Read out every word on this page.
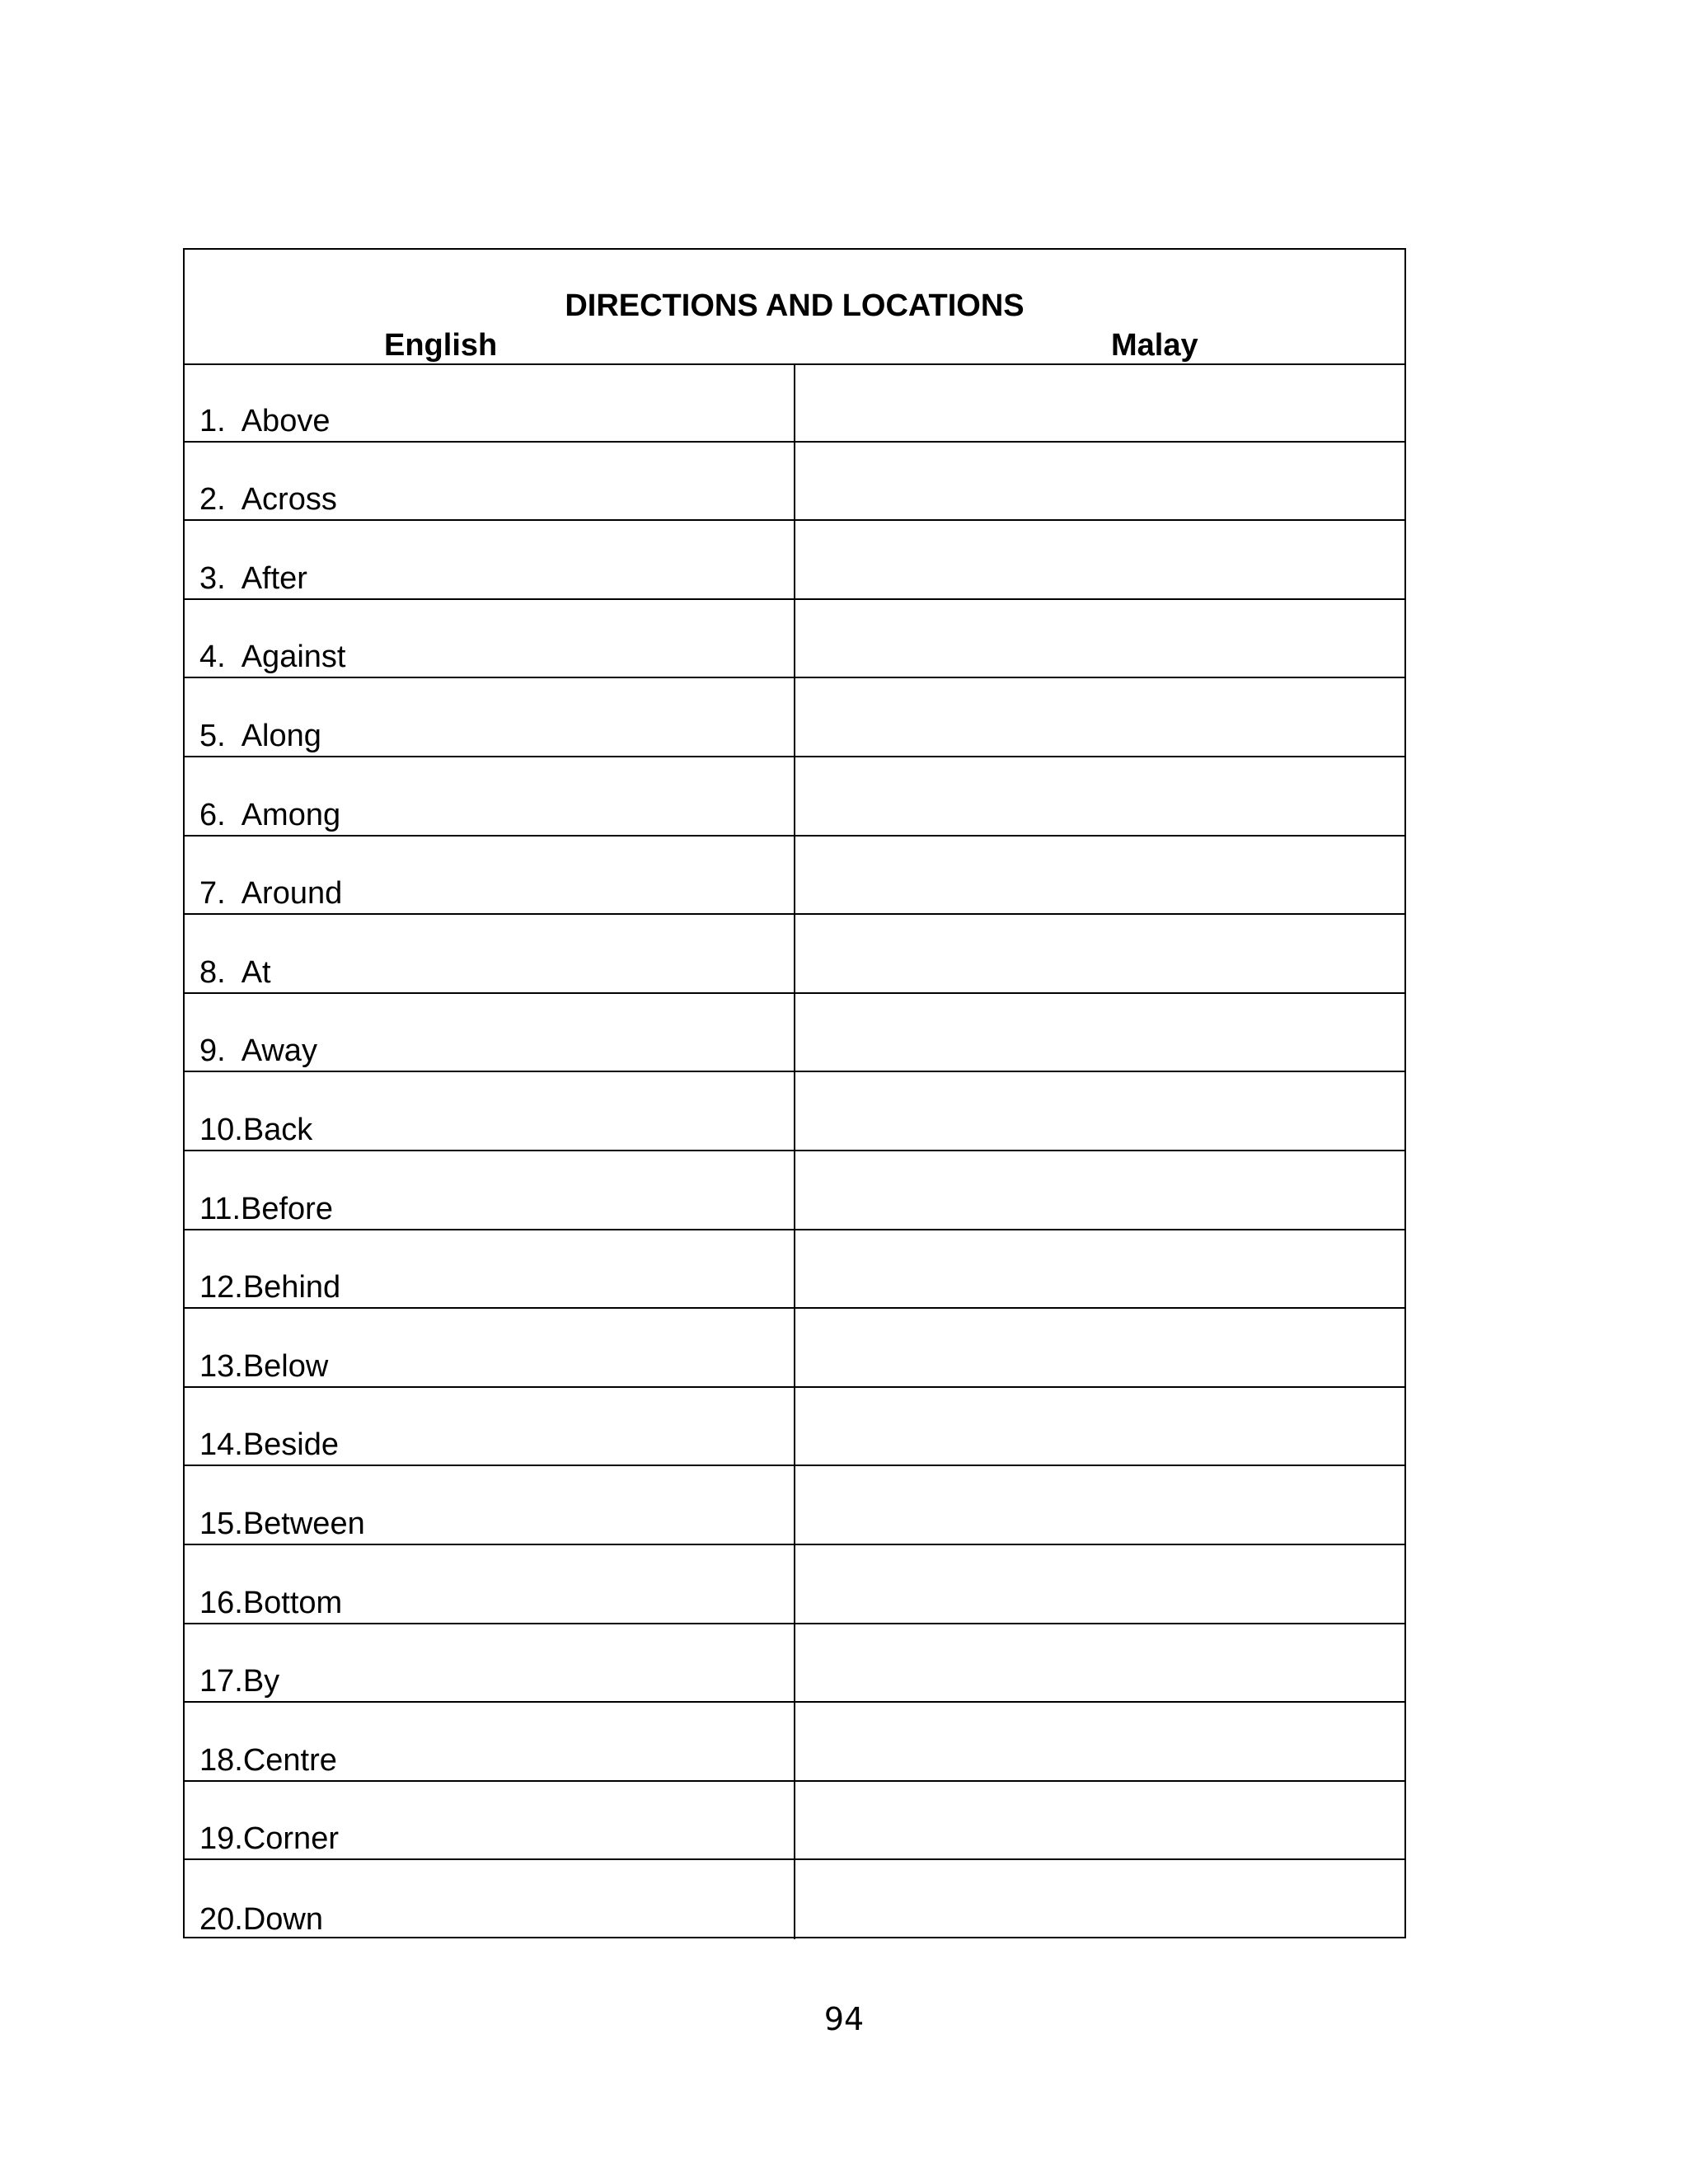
DIRECTIONS AND LOCATIONS
English	Malay
1.  Above
2.  Across
3.  After
4.  Against
5.  Along
6.  Among
7.  Around
8.  At
9.  Away
10.Back
11.Before
12.Behind
13.Below
14.Beside
15.Between
16.Bottom
17.By
18.Centre
19.Corner
20.Down
94
